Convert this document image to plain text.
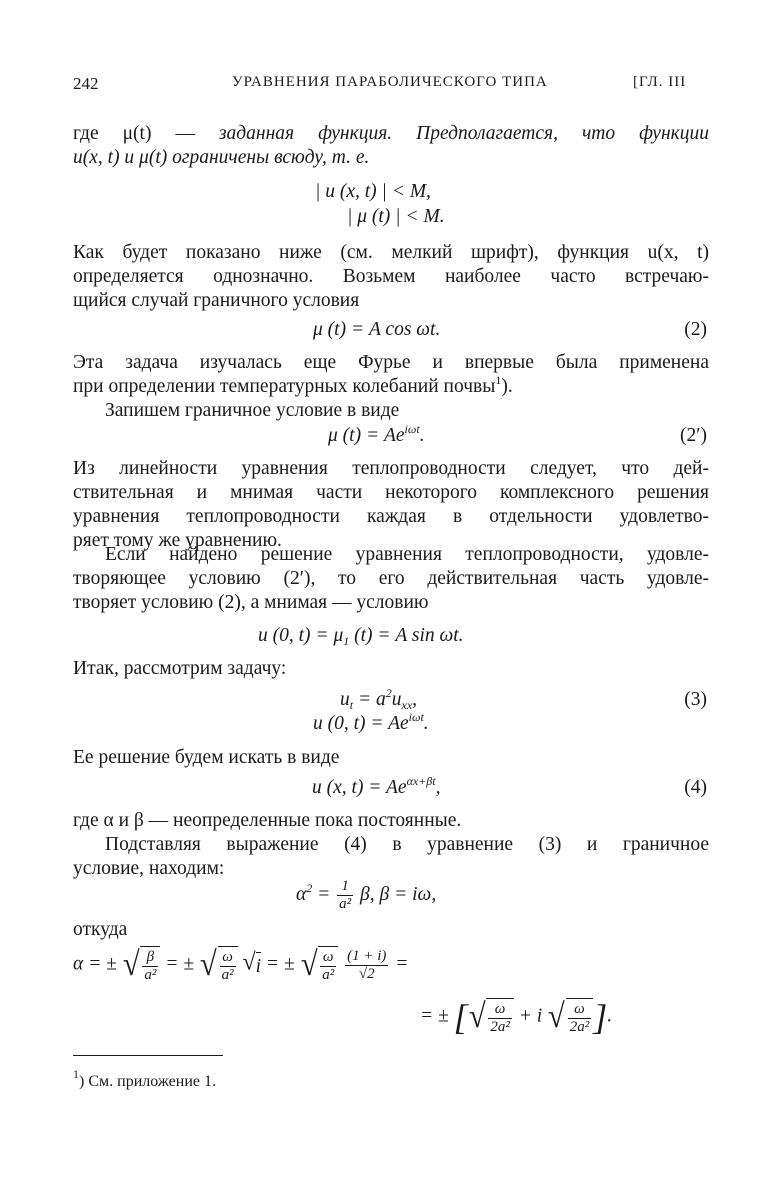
242	УРАВНЕНИЯ ПАРАБОЛИЧЕСКОГО ТИПА	[ГЛ. III
где μ(t) — заданная функция. Предполагается, что функции
u(x, t) и μ(t) ограничены всюду, т. е.
| u (x, t) | < M,
| μ (t) | < M.
Как будет показано ниже (см. мелкий шрифт), функция u(x, t)
определяется однозначно. Возьмем наиболее часто встречаю-
щийся случай граничного условия
μ (t) = A cos ωt.	(2)
Эта задача изучалась еще Фурье и впервые была применена
при определении температурных колебаний почвы$^1$).
Запишем граничное условие в виде
μ $(t) = Ae^{i\omega t}$.	(2′)
Из линейности уравнения теплопроводности следует, что дей-
ствительная и мнимая части некоторого комплексного решения
уравнения теплопроводности каждая в отдельности удовлетво-
ряет тому же уравнению.
Если найдено решение уравнения теплопроводности, удовле-
творяющее условию (2′), то его действительная часть удовле-
творяет условию (2), а мнимая — условию
u (0, $t) = \mu_1$ (t) = A sin ωt.
Итак, рассмотрим задачу:
$u_t = a^2u_{xx}$,	(3)
u (0, $t) = Ae^{i\omega t}$.
Ее решение будем искать в виде
u (x, $t) = Ae^{\alpha x+\beta t}$,	(4)
где α и β — неопределенные пока постоянные.
Подставляя выражение (4) в уравнение (3) и граничное
условие, находим:
$\alpha^2 = \frac{1}{\text{a²}} \beta$, β = iω,
откуда
α = ± √ $\frac{\beta}{\text{a²}}$ = ± √ $\frac{\omega}{\text{a²}} √i$ = ± √ $\frac{\omega}{\text{a²}}$
$\frac{(1 + i)}{√2}$ =
= ± [√ $\frac{\omega}{\text{2a²}} + i$ √ $\frac{\omega}{\text{2a²}}$ ].
$^1$) См. приложение 1.
